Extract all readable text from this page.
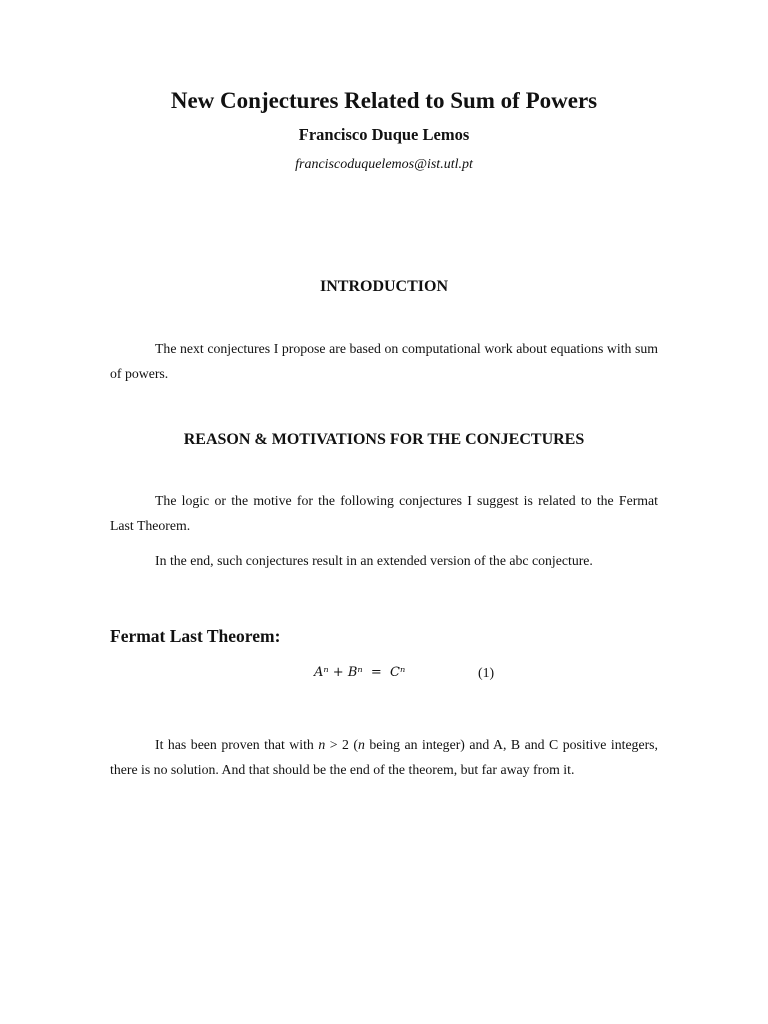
New Conjectures Related to Sum of Powers
Francisco Duque Lemos
franciscoduquelemos@ist.utl.pt
INTRODUCTION
The next conjectures I propose are based on computational work about equations with sum of powers.
REASON & MOTIVATIONS FOR THE CONJECTURES
The logic or the motive for the following conjectures I suggest is related to the Fermat Last Theorem.
In the end, such conjectures result in an extended version of the abc conjecture.
Fermat Last Theorem:
Aⁿ + Bⁿ  =  Cⁿ	(1)
It has been proven that with n > 2 (n being an integer) and A, B and C positive integers, there is no solution. And that should be the end of the theorem, but far away from it.
